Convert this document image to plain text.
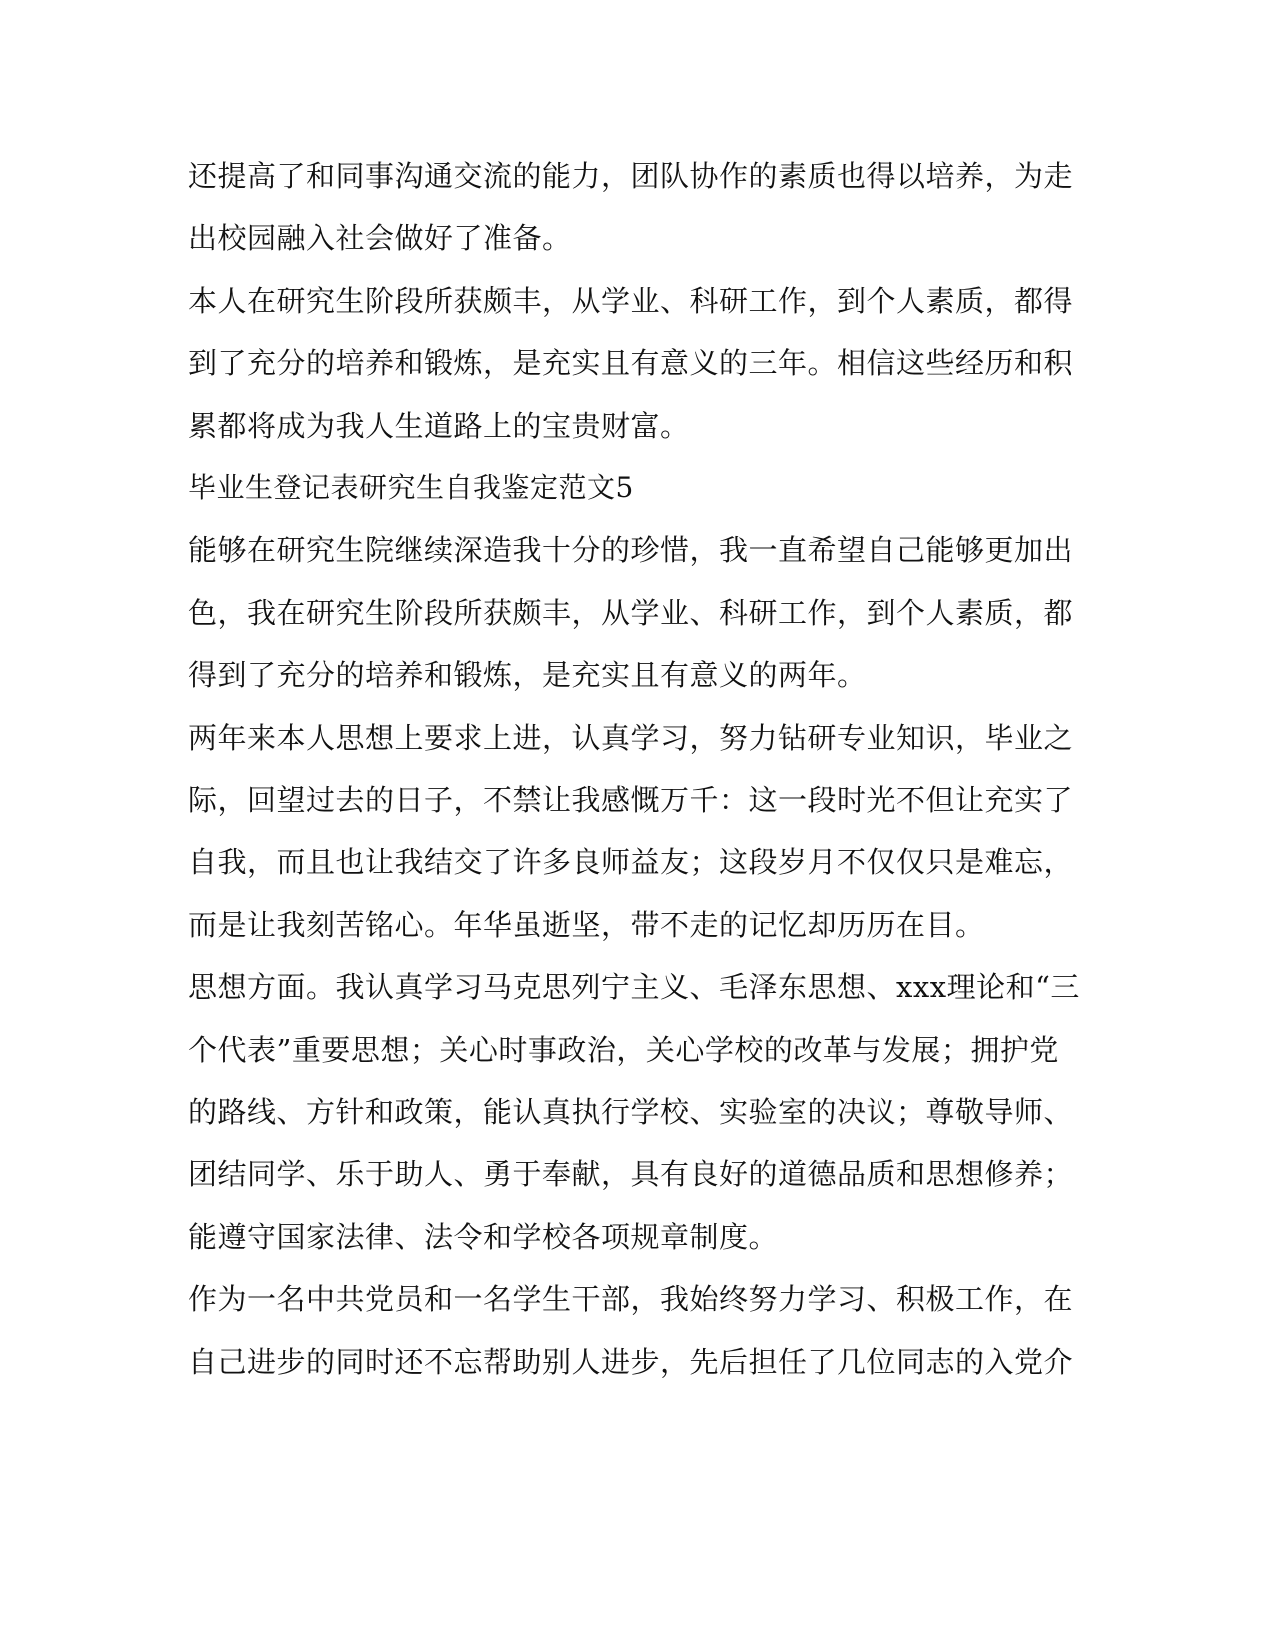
还提高了和同事沟通交流的能力，团队协作的素质也得以培养，为走
出校园融入社会做好了准备。
本人在研究生阶段所获颇丰，从学业、科研工作，到个人素质，都得
到了充分的培养和锻炼，是充实且有意义的三年。相信这些经历和积
累都将成为我人生道路上的宝贵财富。
毕业生登记表研究生自我鉴定范文5
能够在研究生院继续深造我十分的珍惜，我一直希望自己能够更加出
色，我在研究生阶段所获颇丰，从学业、科研工作，到个人素质，都
得到了充分的培养和锻炼，是充实且有意义的两年。
两年来本人思想上要求上进，认真学习，努力钻研专业知识，毕业之
际，回望过去的日子，不禁让我感慨万千：这一段时光不但让充实了
自我，而且也让我结交了许多良师益友；这段岁月不仅仅只是难忘，
而是让我刻苦铭心。年华虽逝坚，带不走的记忆却历历在目。
思想方面。我认真学习马克思列宁主义、毛泽东思想、xxx理论和“三
个代表”重要思想；关心时事政治，关心学校的改革与发展；拥护党
的路线、方针和政策，能认真执行学校、实验室的决议；尊敬导师、
团结同学、乐于助人、勇于奉献，具有良好的道德品质和思想修养；
能遵守国家法律、法令和学校各项规章制度。
作为一名中共党员和一名学生干部，我始终努力学习、积极工作，在
自己进步的同时还不忘帮助别人进步，先后担任了几位同志的入党介
